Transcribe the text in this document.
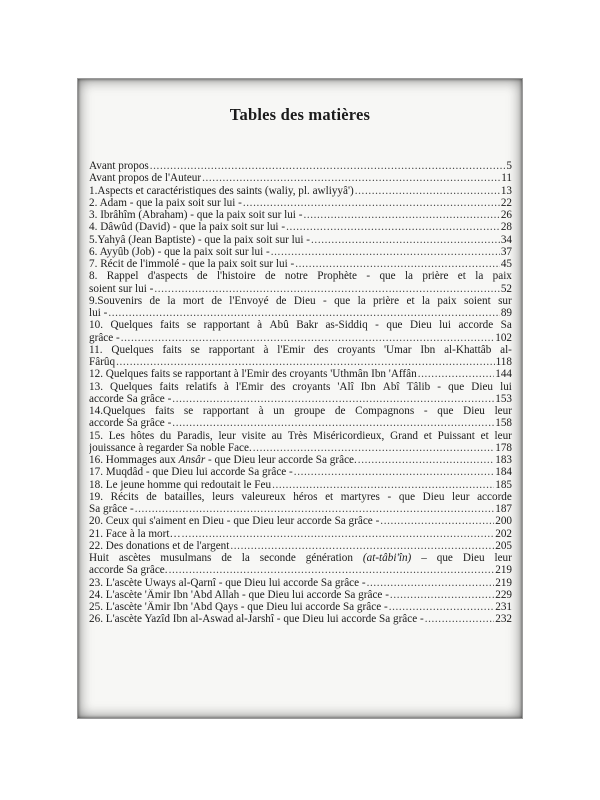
Tables des matières
Avant propos .....	5
Avant propos de l'Auteur .....	11
1.Aspects et caractéristiques des saints (waliy, pl. awliyyâ') .....	13
2. Adam - que la paix soit sur lui - .....	22
3. Ibrâhîm (Abraham) - que la paix soit sur lui - .....	26
4. Dâwûd (David) - que la paix soit sur lui - .....	28
5.Yahyâ (Jean Baptiste) - que la paix soit sur lui - .....	34
6. Ayyûb (Job) - que la paix soit sur lui - .....	37
7. Récit de l'immolé - que la paix soit sur lui - .....	45
8. Rappel d'aspects de l'histoire de notre Prophète - que la prière et la paix
soient sur lui - .....	52
9.Souvenirs de la mort de l'Envoyé de Dieu - que la prière et la paix soient sur
lui - .....	89
10. Quelques faits se rapportant à Abû Bakr as-Siddiq - que Dieu lui accorde Sa
grâce - .....	102
11. Quelques faits se rapportant à l'Emir des croyants 'Umar Ibn al-Khattâb al-
Fârûq .....	118
12. Quelques faits se rapportant à l'Emir des croyants 'Uthmân Ibn 'Affân .....	144
13. Quelques faits relatifs à l'Emir des croyants 'Alî Ibn Abî Tâlib - que Dieu lui
accorde Sa grâce - .....	153
14.Quelques faits se rapportant à un groupe de Compagnons - que Dieu leur
accorde Sa grâce - .....	158
15. Les hôtes du Paradis, leur visite au Très Miséricordieux, Grand et Puissant et leur
jouissance à regarder Sa noble Face. .....	178
16. Hommages aux Ansâr - que Dieu leur accorde Sa grâce. .....	183
17. Muqdâd - que Dieu lui accorde Sa grâce - .....	184
18. Le jeune homme qui redoutait le Feu .....	185
19. Récits de batailles, leurs valeureux héros et martyres - que Dieu leur accorde
Sa grâce - .....	187
20. Ceux qui s'aiment en Dieu - que Dieu leur accorde Sa grâce - .....	200
21. Face à la mort… .....	202
22. Des donations et de l'argent .....	205
Huit ascètes musulmans de la seconde génération (at-tâbi'în) – que Dieu leur
accorde Sa grâce. .....	219
23. L'ascète Uways al-Qarnî - que Dieu lui accorde Sa grâce - .....	219
24. L'ascète 'Âmir Ibn 'Abd Allah - que Dieu lui accorde Sa grâce - .....	229
25. L'ascète 'Âmir Ibn 'Abd Qays - que Dieu lui accorde Sa grâce - .....	231
26. L'ascète Yazîd Ibn al-Aswad al-Jarshî - que Dieu lui accorde Sa grâce - .....	232
